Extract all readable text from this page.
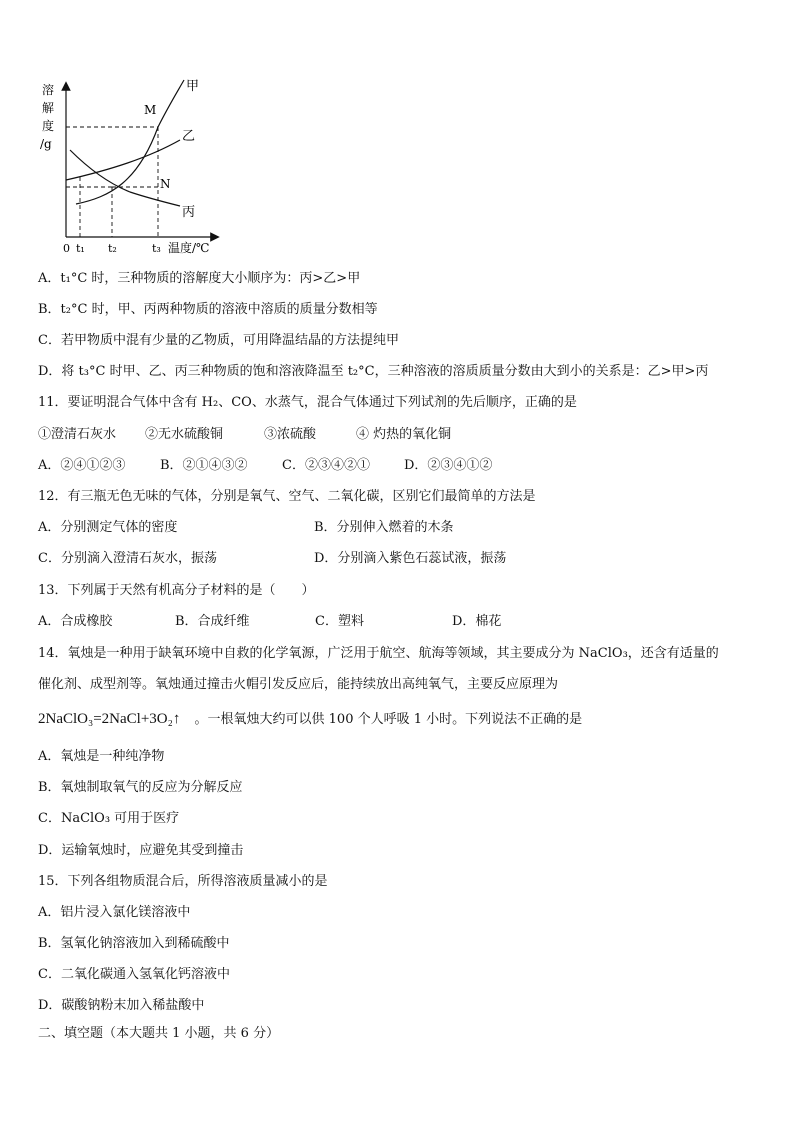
溶
解
度
/g
甲
乙
丙
M
N
0 t₁ t₂	t₃ 温度/℃
A．t₁°C 时，三种物质的溶解度大小顺序为：丙>乙>甲
B．t₂°C 时，甲、丙两种物质的溶液中溶质的质量分数相等
C．若甲物质中混有少量的乙物质，可用降温结晶的方法提纯甲
D．将 t₃°C 时甲、乙、丙三种物质的饱和溶液降温至 t₂°C，三种溶液的溶质质量分数由大到小的关系是：乙>甲>丙
11．要证明混合气体中含有 H₂、CO、水蒸气，混合气体通过下列试剂的先后顺序，正确的是
①澄清石灰水 ②无水硫酸铜	③浓硫酸	④ 灼热的氧化铜
A．②④①②③	B．②①④③②	C．②③④②①	D．②③④①②
12．有三瓶无色无味的气体，分别是氧气、空气、二氧化碳，区别它们最简单的方法是
A．分别测定气体的密度	B．分别伸入燃着的木条
C．分别滴入澄清石灰水，振荡	D．分别滴入紫色石蕊试液，振荡
13．下列属于天然有机高分子材料的是（　　）
A．合成橡胶	B．合成纤维	C．塑料	D．棉花
14．氧烛是一种用于缺氧环境中自救的化学氧源，广泛用于航空、航海等领域，其主要成分为 NaClO₃，还含有适量的
催化剂、成型剂等。氧烛通过撞击火帽引发反应后，能持续放出高纯氧气，主要反应原理为
2NaClO₃=2NaCl+3O₂↑ 。一根氧烛大约可以供 100 个人呼吸 1 小时。下列说法不正确的是
A．氧烛是一种纯净物
B．氧烛制取氧气的反应为分解反应
C．NaClO₃ 可用于医疗
D．运输氧烛时，应避免其受到撞击
15．下列各组物质混合后，所得溶液质量减小的是
A．铝片浸入氯化镁溶液中
B．氢氧化钠溶液加入到稀硫酸中
C．二氧化碳通入氢氧化钙溶液中
D．碳酸钠粉末加入稀盐酸中
二、填空题（本大题共 1 小题，共 6 分）
